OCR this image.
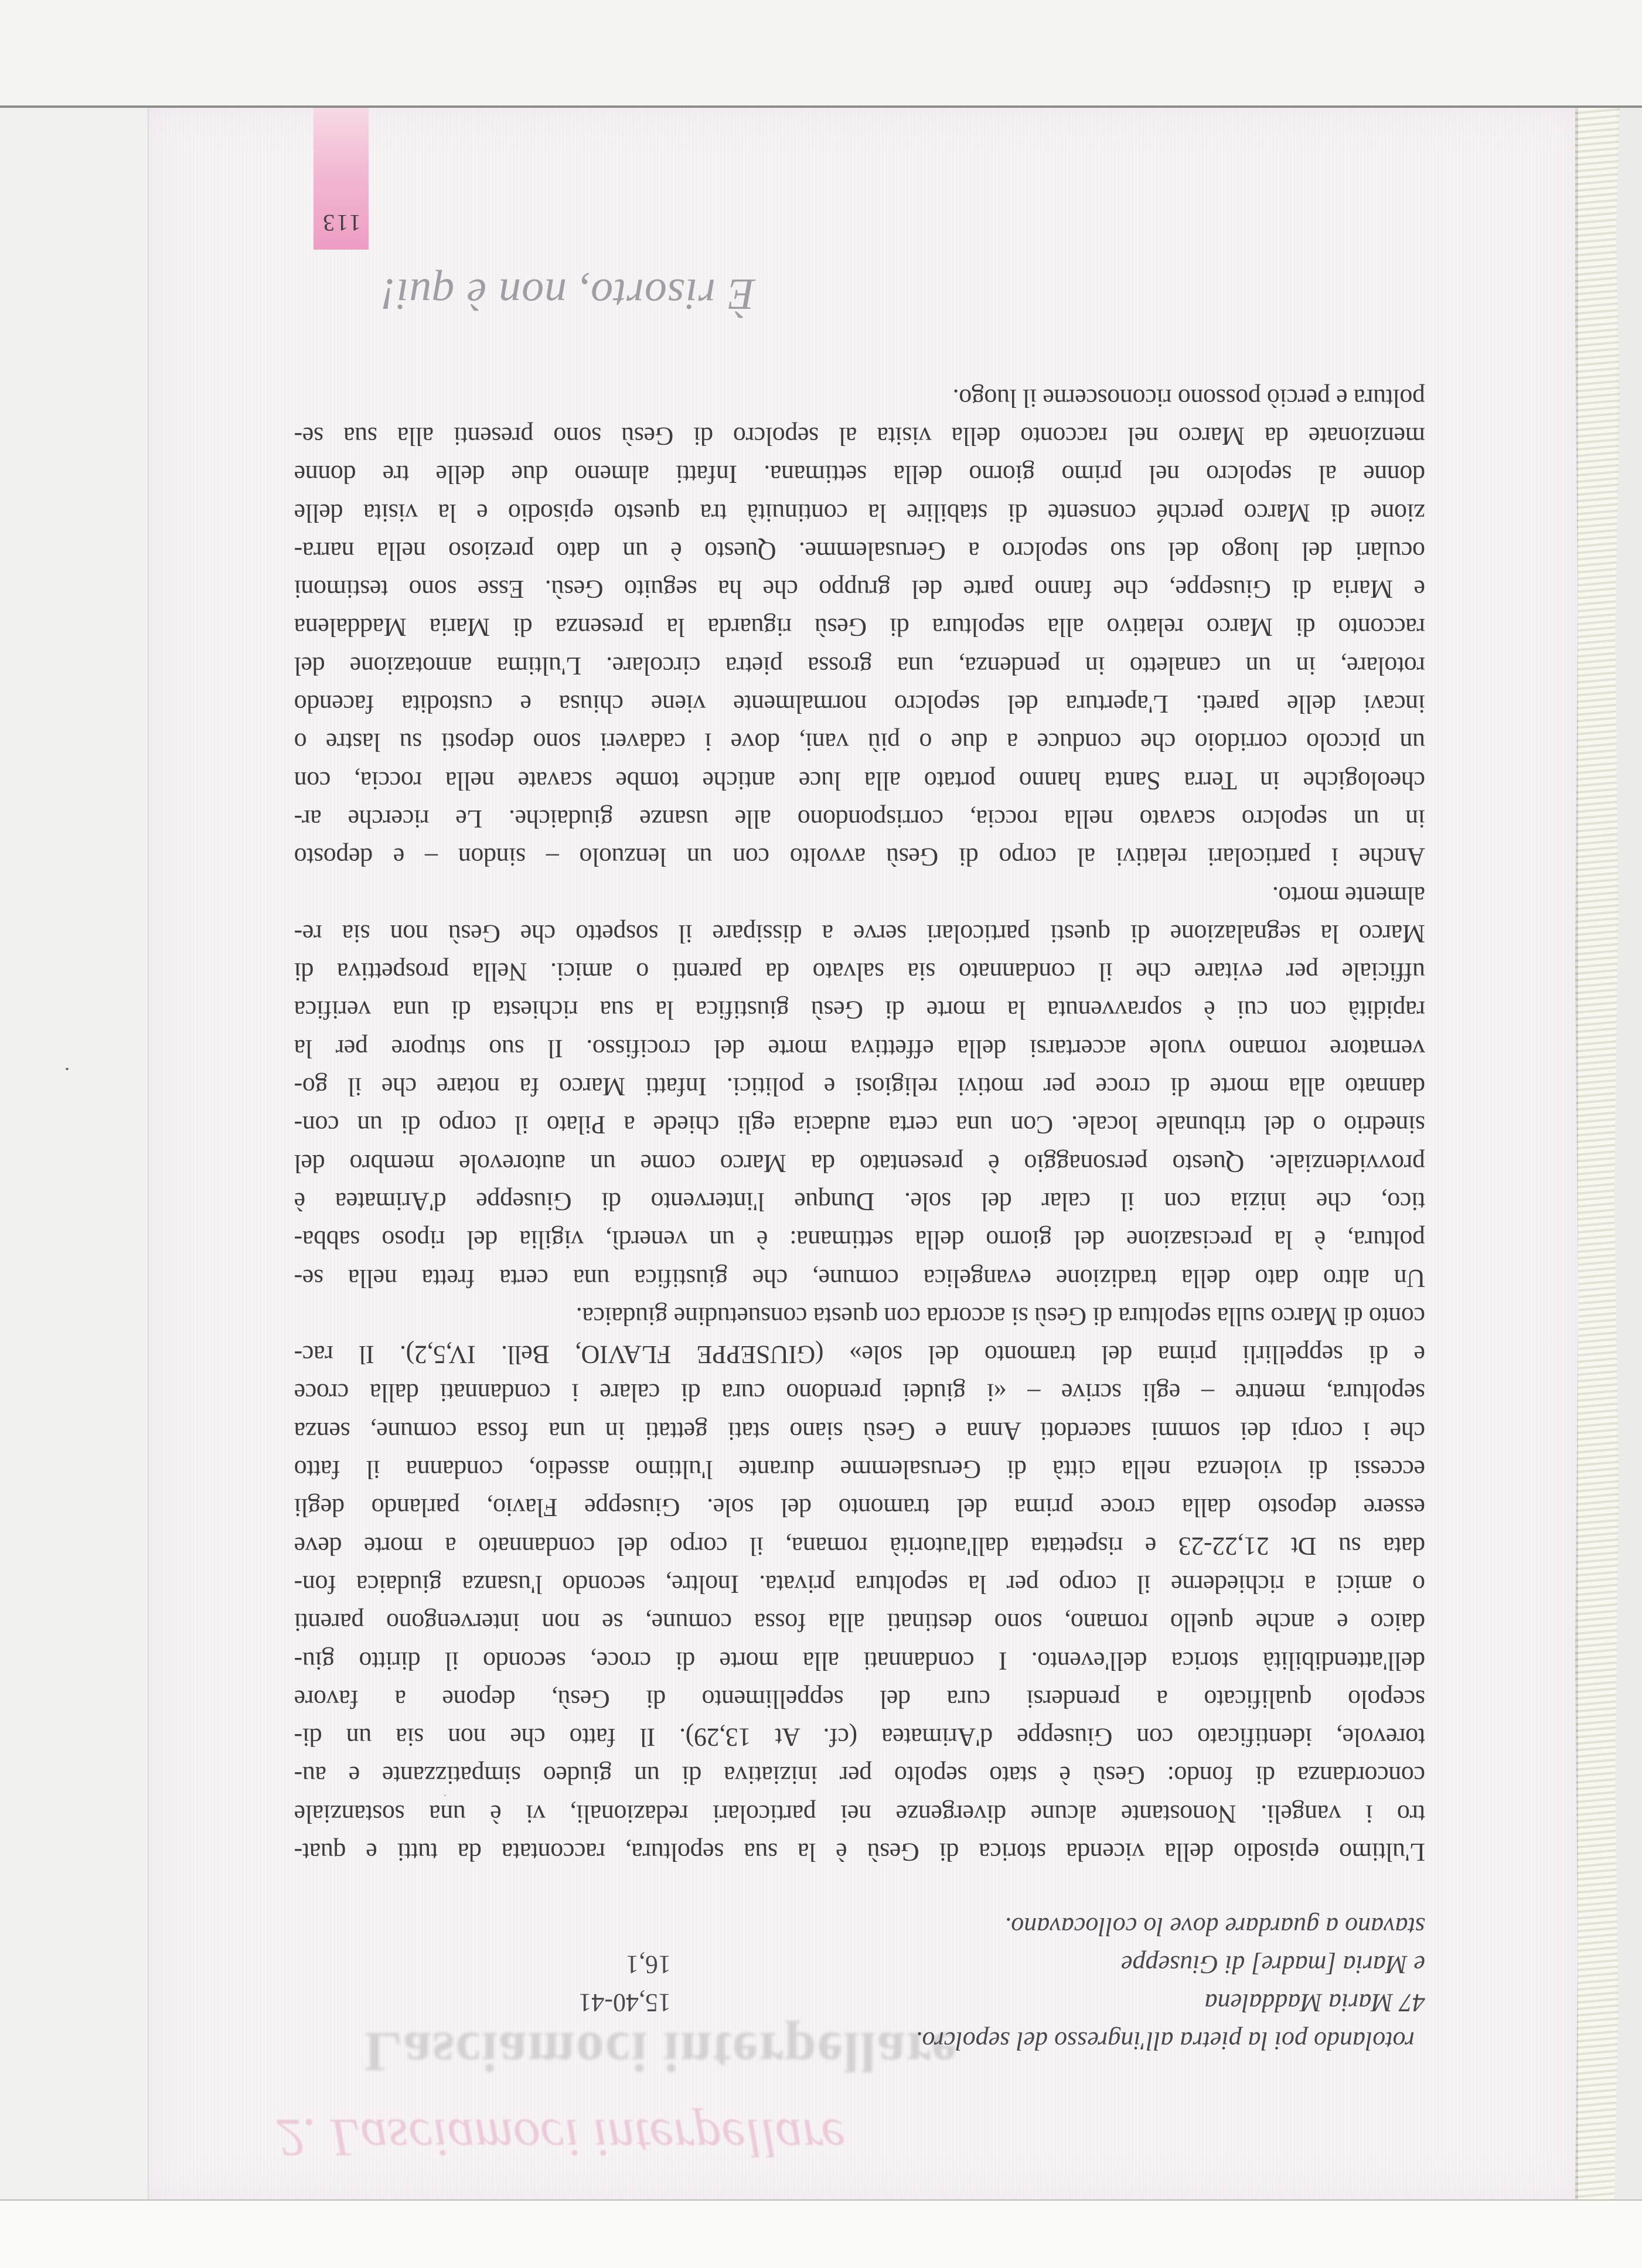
Lasciamoci interpellare
2. Lasciamoci interpellare
rotolando poi la pietra all'ingresso del sepolcro.
47 Maria Maddalena
15,40-41
e Maria [madre] di Giuseppe
16,1
stavano a guardare dove lo collocavano.
L'ultimo episodio della vicenda storica di Gesù è la sua sepoltura, raccontata da tutti e quat-
tro i vangeli. Nonostante alcune divergenze nei particolari redazionali, vi è una sostanziale
concordanza di fondo: Gesù è stato sepolto per iniziativa di un giudeo simpatizzante e au-
torevole, identificato con Giuseppe d'Arimatea (cf. At 13,29). Il fatto che non sia un di-
scepolo qualificato a prendersi cura del seppellimento di Gesù, depone a favore
dell'attendibilità storica dell'evento. I condannati alla morte di croce, secondo il diritto giu-
daico e anche quello romano, sono destinati alla fossa comune, se non intervengono parenti
o amici a richiederne il corpo per la sepoltura privata. Inoltre, secondo l'usanza giudaica fon-
data su Dt 21,22-23 e rispettata dall'autorità romana, il corpo del condannato a morte deve
essere deposto dalla croce prima del tramonto del sole. Giuseppe Flavio, parlando degli
eccessi di violenza nella città di Gerusalemme durante l'ultimo assedio, condanna il fatto
che i corpi dei sommi sacerdoti Anna e Gesù siano stati gettati in una fossa comune, senza
sepoltura, mentre – egli scrive – «i giudei prendono cura di calare i condannati dalla croce
e di seppellirli prima del tramonto del sole» (GIUSEPPE FLAVIO, Bell. IV,5,2). Il rac-
conto di Marco sulla sepoltura di Gesù si accorda con questa consuetudine giudaica.
Un altro dato della tradizione evangelica comune, che giustifica una certa fretta nella se-
poltura, è la precisazione del giorno della settimana: è un venerdì, vigilia del riposo sabba-
tico, che inizia con il calar del sole. Dunque l'intervento di Giuseppe d'Arimatea è
provvidenziale. Questo personaggio è presentato da Marco come un autorevole membro del
sinedrio o del tribunale locale. Con una certa audacia egli chiede a Pilato il corpo di un con-
dannato alla morte di croce per motivi religiosi e politici. Infatti Marco fa notare che il go-
vernatore romano vuole accertarsi della effettiva morte del crocifisso. Il suo stupore per la
rapidità con cui è sopravvenuta la morte di Gesù giustifica la sua richiesta di una verifica
ufficiale per evitare che il condannato sia salvato da parenti o amici. Nella prospettiva di
Marco la segnalazione di questi particolari serve a dissipare il sospetto che Gesù non sia re-
almente morto.
Anche i particolari relativi al corpo di Gesù avvolto con un lenzuolo – sindon – e deposto
in un sepolcro scavato nella roccia, corrispondono alle usanze giudaiche. Le ricerche ar-
cheologiche in Terra Santa hanno portato alla luce antiche tombe scavate nella roccia, con
un piccolo corridoio che conduce a due o più vani, dove i cadaveri sono deposti su lastre o
incavi delle pareti. L'apertura del sepolcro normalmente viene chiusa e custodita facendo
rotolare, in un canaletto in pendenza, una grossa pietra circolare. L'ultima annotazione del
racconto di Marco relativo alla sepoltura di Gesù riguarda la presenza di Maria Maddalena
e Maria di Giuseppe, che fanno parte del gruppo che ha seguito Gesù. Esse sono testimoni
oculari del luogo del suo sepolcro a Gerusalemme. Questo è un dato prezioso nella narra-
zione di Marco perché consente di stabilire la continuità tra questo episodio e la visita delle
donne al sepolcro nel primo giorno della settimana. Infatti almeno due delle tre donne
menzionate da Marco nel racconto della visita al sepolcro di Gesù sono presenti alla sua se-
poltura e perciò possono riconoscerne il luogo.
È risorto, non è qui!
113
